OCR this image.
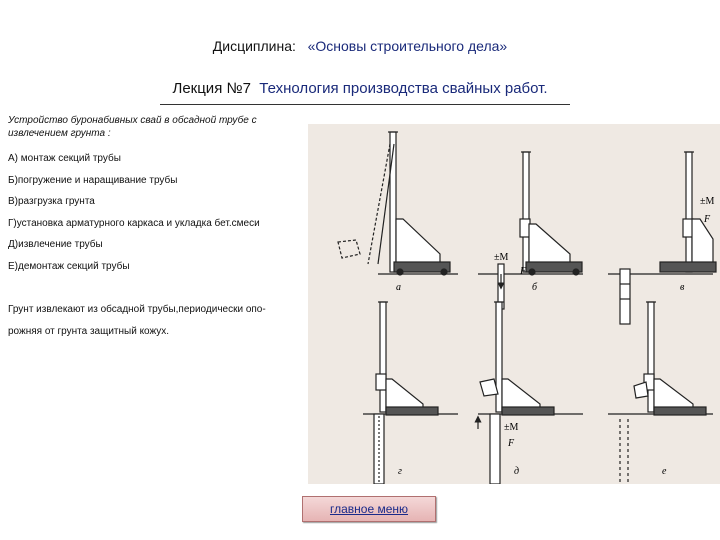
Дисциплина: «Основы строительного дела»
Лекция №7 Технология производства свайных работ.
Устройство буронабивных свай в обсадной трубе с
извлечением грунта :
А) монтаж секций трубы
Б)погружение и наращивание трубы
В)разгрузка грунта
Г)установка арматурного каркаса и укладка бет.смеси
Д)извлечение трубы
Е)демонтаж секций трубы
Грунт извлекают из обсадной трубы,периодически опо-
рожняя от грунта защитный кожух.
а	б	в
г	д	е
±М
F
±М
F
±М
F
главное меню
